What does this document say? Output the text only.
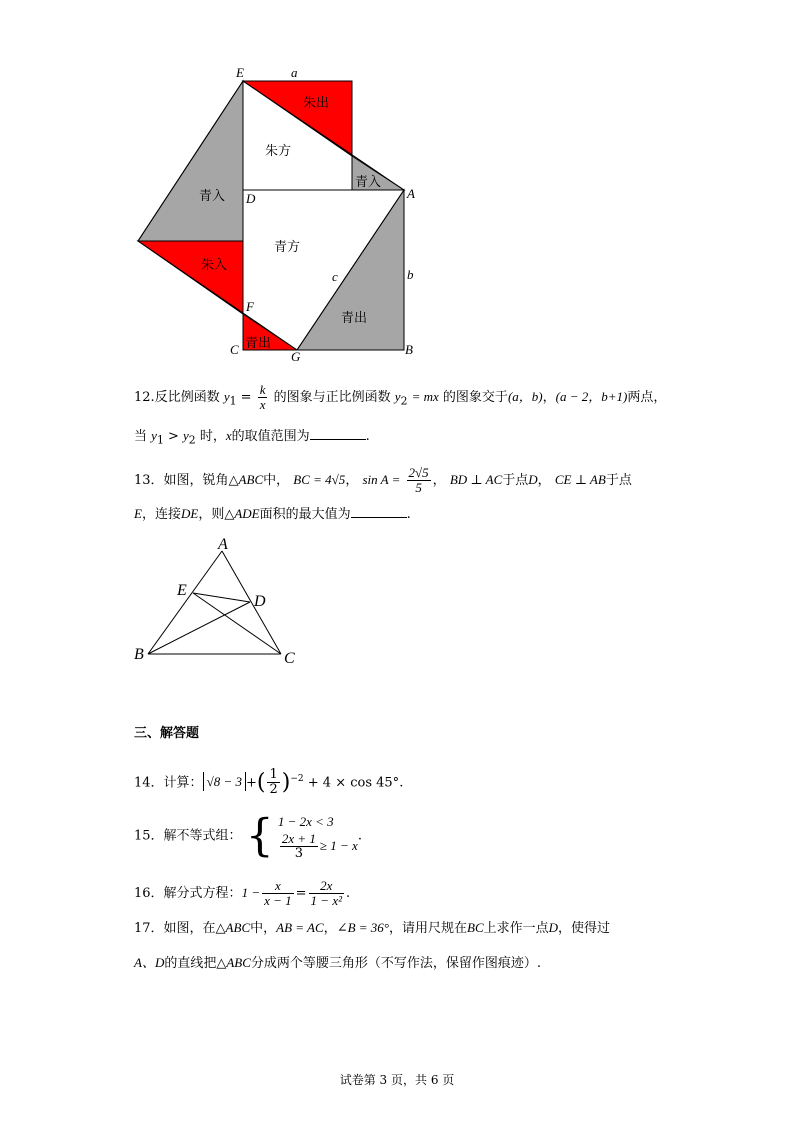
E	a
D	A
b
c
F
C	G	B
朱出
朱方
青入
青入
朱入
青方
青出
青出
12.反比例函数 $y_1 = \frac{k}{x}$ 的图象与正比例函数 $y_2$ = mx 的图象交于(a，b)，(a − 2，b+1)两点，
当 $y_1 > y_2$ 时，x的取值范围为	.
13．如图，锐角△ABC中， BC = 4√5， $\sin A = \frac{2√5}{5}$ ， BD ⊥ AC于点D， CE ⊥ AB于点
E，连接DE，则△ADE面积的最大值为	.
A
E
D
B	C
三、解答题
14．计算： √8 − 3 +( $\frac{1}{2} )^{-2} + 4 \times \cos 45^\circ$.
15．解不等式组： { 1 − 2x < 3
$\frac{2x + 1}{3} \ge 1 - x$
.
16．解分式方程：$1 - \frac{x}{x - 1} = \frac{2x}{\text{1 − x²}}$ .
17．如图，在△ABC中，AB = AC，∠B = 36°，请用尺规在BC上求作一点D，使得过
A、D的直线把△ABC分成两个等腰三角形（不写作法，保留作图痕迹）.
试卷第 3 页，共 6 页
